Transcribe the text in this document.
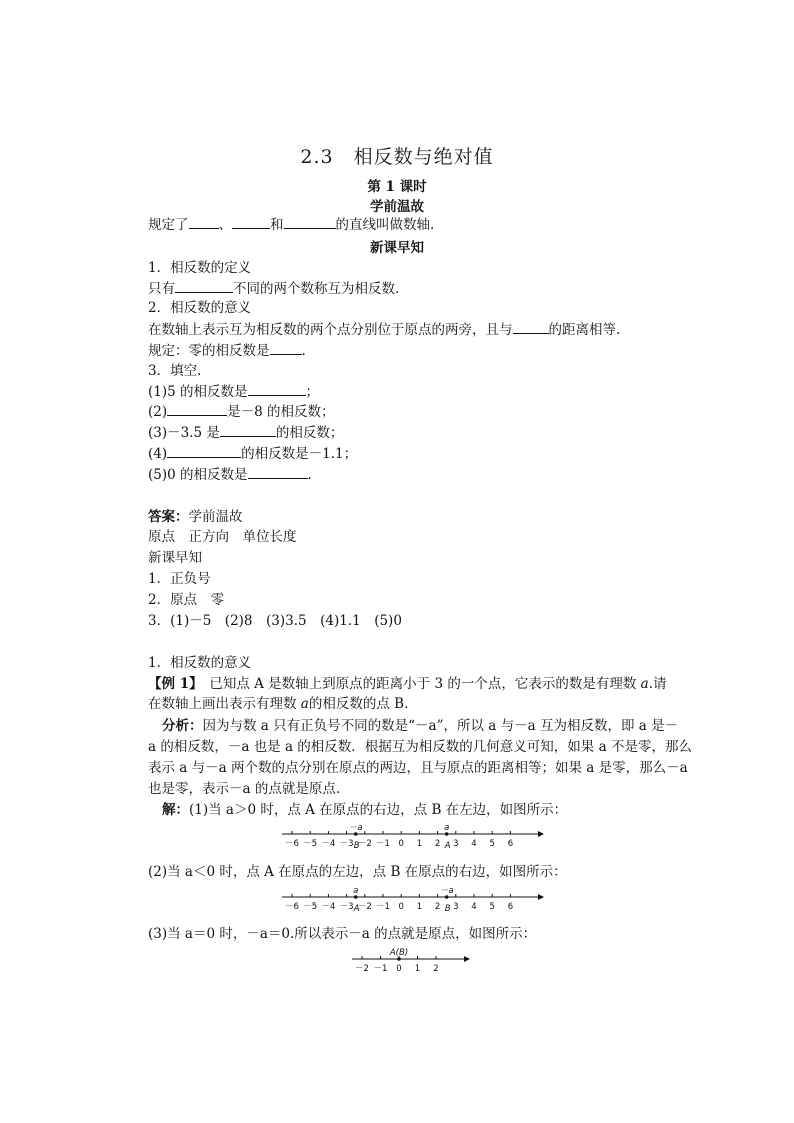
2.3　相反数与绝对值
第 1 课时
学前温故
规定了 、	和	的直线叫做数轴.
新课早知
1．相反数的定义
只有	不同的两个数称互为相反数.
2．相反数的意义
在数轴上表示互为相反数的两个点分别位于原点的两旁，且与	的距离相等.
规定：零的相反数是 .
3．填空.
(1)5 的相反数是	；
(2)	是－8 的相反数；
(3)－3.5 是	的相反数；
(4)	的相反数是－1.1；
(5)0 的相反数是	.
答案：学前温故
原点　正方向　单位长度
新课早知
1．正负号
2．原点　零
3．(1)－5　(2)8　(3)3.5　(4)1.1　(5)0
1．相反数的意义
【例 1】　 已知点 A 是数轴上到原点的距离小于 3 的一个点，它表示的数是有理数 a.请
在数轴上画出表示有理数 a的相反数的点 B.
分析：因为与数 a 只有正负号不同的数是“－a”，所以 a 与－a 互为相反数，即 a 是－
a 的相反数，－a 也是 a 的相反数．根据互为相反数的几何意义可知，如果 a 不是零，那么
表示 a 与－a 两个数的点分别在原点的两边，且与原点的距离相等；如果 a 是零，那么－a
也是零，表示－a 的点就是原点.
解：(1)当 a＞0 时，点 A 在原点的右边，点 B 在左边，如图所示：
－6 －5 －4 －3 －2 －1 0 1 2 3 4 5 6
－a
B
a
A
(2)当 a＜0 时，点 A 在原点的左边，点 B 在原点的右边，如图所示：
－6 －5 －4 －3 －2 －1 0 1 2 3 4 5 6
a
A
－a
B
(3)当 a＝0 时，－a＝0.所以表示－a 的点就是原点，如图所示：
－2 －1 0 1 2
A(B)
